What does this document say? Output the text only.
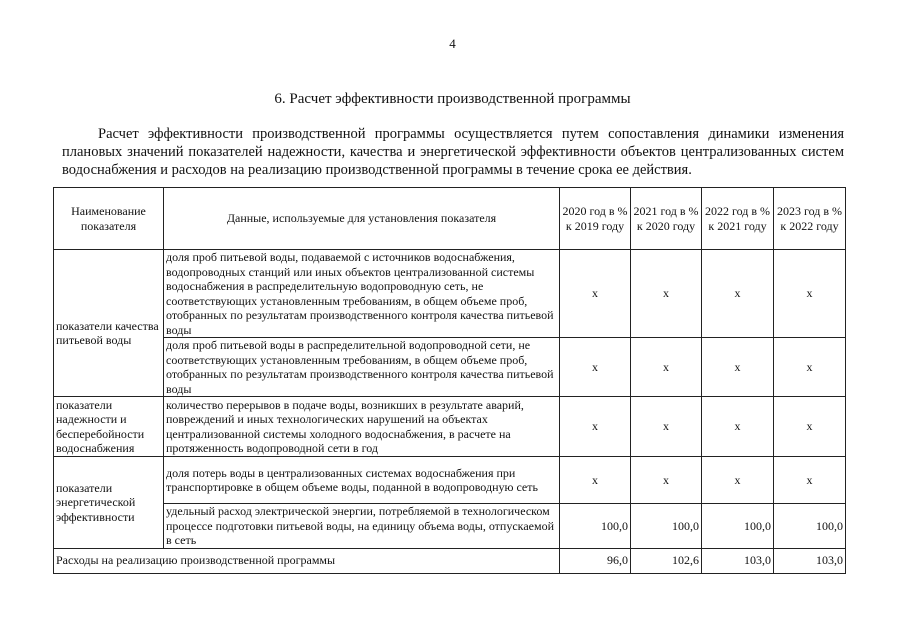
4
6. Расчет эффективности производственной программы

Расчет эффективности производственной программы осуществляется путем сопоставления динамики изменения плановых значений показателей надежности, качества и энергетической эффективности объектов централизованных систем водоснабжения и расходов на реализацию производственной программы в течение срока ее действия.

Наименование показателя	Данные, используемые для установления показателя	2020 год в % к 2019 году	2021 год в % к 2020 году	2022 год в % к 2021 году	2023 год в % к 2022 году
показатели качества питьевой воды	доля проб питьевой воды, подаваемой с источников водоснабжения, водопроводных станций или иных объектов централизованной системы водоснабжения в распределительную водопроводную сеть, не соответствующих установленным требованиям, в общем объеме проб, отобранных по результатам производственного контроля качества питьевой воды	х	х	х	х
	доля проб питьевой воды в распределительной водопроводной сети, не соответствующих установленным требованиям, в общем объеме проб, отобранных по результатам производственного контроля качества питьевой воды	х	х	х	х
показатели надежности и бесперебойности водоснабжения	количество перерывов в подаче воды, возникших в результате аварий, повреждений и иных технологических нарушений на объектах централизованной системы холодного водоснабжения, в расчете на протяженность водопроводной сети в год	х	х	х	х
показатели энергетической эффективности	доля потерь воды в централизованных системах водоснабжения при транспортировке в общем объеме воды, поданной в водопроводную сеть	х	х	х	х
	удельный расход электрической энергии, потребляемой в технологическом процессе подготовки питьевой воды, на единицу объема воды, отпускаемой в сеть	100,0	100,0	100,0	100,0
Расходы на реализацию производственной программы		96,0	102,6	103,0	103,0
